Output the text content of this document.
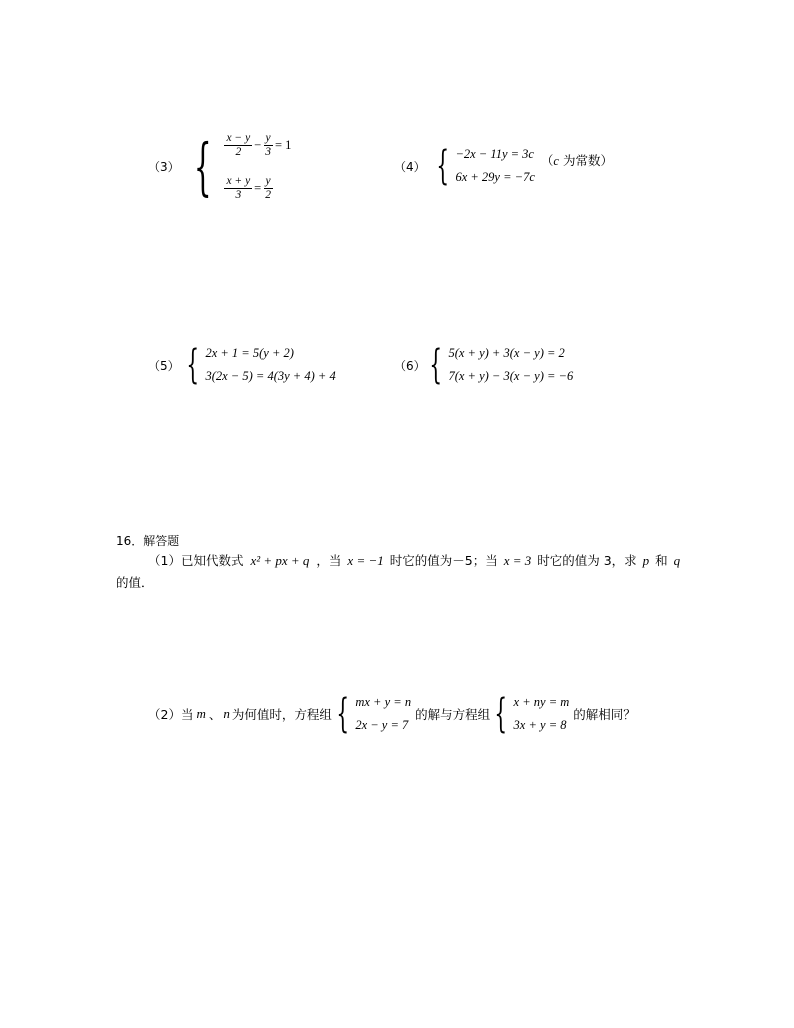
（3） { $\frac{x - y}{2} - \frac{y}{3} = 1$
$\frac{x + y}{3} = \frac{y}{2}$
（4） { −2x − 11y = 3c
6x + 29y = −7c
（c 为常数）
（5） { 2x + 1 = 5(y + 2)
3(2x − 5) = 4(3y + 4) + 4
（6） { 5(x + y) + 3(x − y) = 2
7(x + y) − 3(x − y) = −6
16．解答题
（1）已知代数式 x² + px + q ，当 x = −1 时它的值为－5；当 x = 3 时它的值为 3，求 p 和 q
的值．
（2）当 m 、 n 为何值时，方程组 { mx + y = n
2x − y = 7
的解与方程组 { x + ny = m
3x + y = 8
的解相同？
